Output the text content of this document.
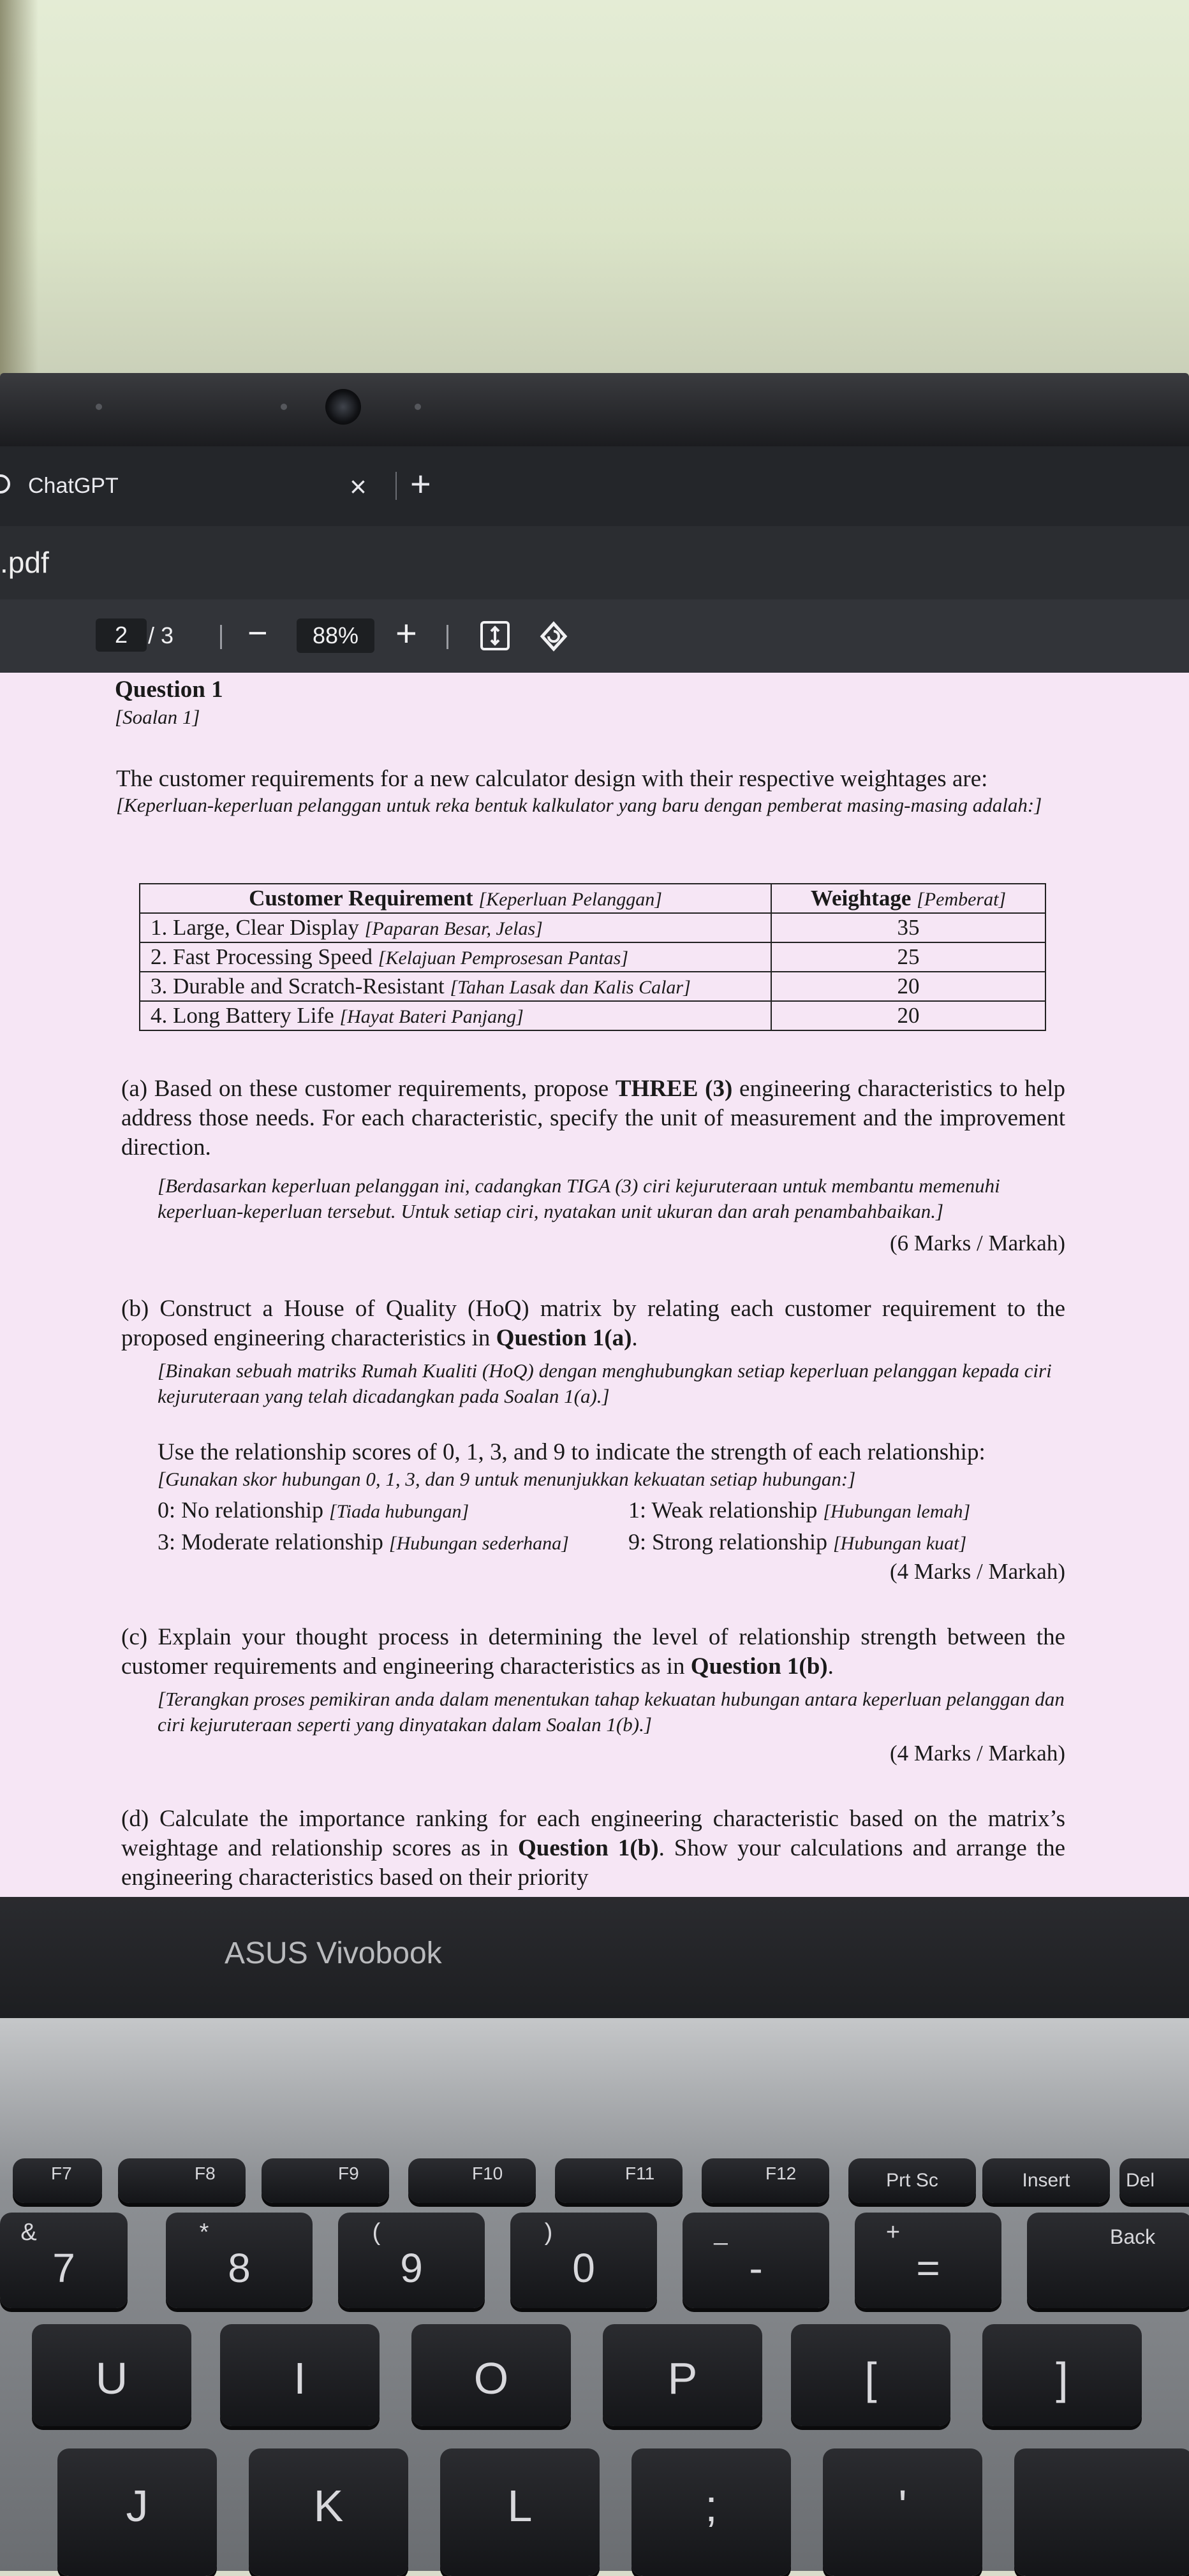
ChatGPT	× +
.pdf
2 / 3 −	88% +
Question 1
[Soalan 1]
The customer requirements for a new calculator design with their respective weightages are:
[Keperluan-keperluan pelanggan untuk reka bentuk kalkulator yang baru dengan pemberat masing-masing adalah:]
Customer Requirement [Keperluan Pelanggan]	Weightage [Pemberat]
1. Large, Clear Display [Paparan Besar, Jelas]	35
2. Fast Processing Speed [Kelajuan Pemprosesan Pantas]	25
3. Durable and Scratch-Resistant [Tahan Lasak dan Kalis Calar]	20
4. Long Battery Life [Hayat Bateri Panjang]	20
(a) Based on these customer requirements, propose THREE (3) engineering characteristics to help address those needs. For each characteristic, specify the unit of measurement and the improvement direction.
[Berdasarkan keperluan pelanggan ini, cadangkan TIGA (3) ciri kejuruteraan untuk membantu memenuhi keperluan-keperluan tersebut. Untuk setiap ciri, nyatakan unit ukuran dan arah penambahbaikan.]
(6 Marks / Markah)
(b) Construct a House of Quality (HoQ) matrix by relating each customer requirement to the proposed engineering characteristics in Question 1(a).
[Binakan sebuah matriks Rumah Kualiti (HoQ) dengan menghubungkan setiap keperluan pelanggan kepada ciri kejuruteraan yang telah dicadangkan pada Soalan 1(a).]
Use the relationship scores of 0, 1, 3, and 9 to indicate the strength of each relationship:
[Gunakan skor hubungan 0, 1, 3, dan 9 untuk menunjukkan kekuatan setiap hubungan:]
0: No relationship [Tiada hubungan]	1: Weak relationship [Hubungan lemah]
3: Moderate relationship [Hubungan sederhana]	9: Strong relationship [Hubungan kuat]
(4 Marks / Markah)
(c) Explain your thought process in determining the level of relationship strength between the customer requirements and engineering characteristics as in Question 1(b).
[Terangkan proses pemikiran anda dalam menentukan tahap kekuatan hubungan antara keperluan pelanggan dan ciri kejuruteraan seperti yang dinyatakan dalam Soalan 1(b).]
(4 Marks / Markah)
(d) Calculate the importance ranking for each engineering characteristic based on the matrix’s weightage and relationship scores as in Question 1(b). Show your calculations and arrange the engineering characteristics based on their priority
ASUS Vivobook
F7	F8	F9	F10	F11	F12	Prt Sc	Insert	Del
&
7
*
8
(
9
)
0
_
-
+
=
Back
U	I	O	P	[	]
J	K	L	;	'
